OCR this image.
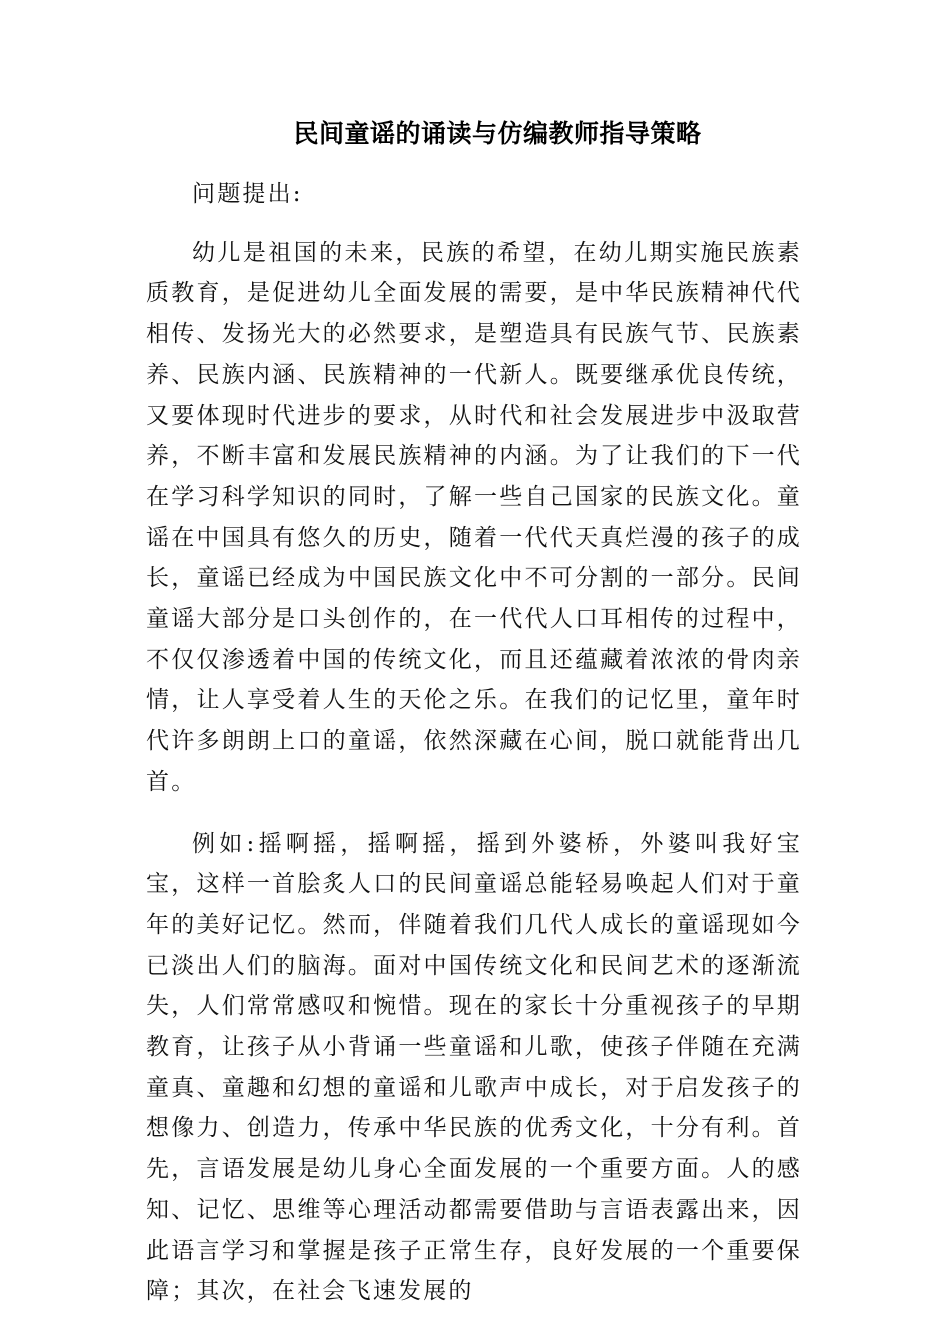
民间童谣的诵读与仿编教师指导策略

问题提出:

幼儿是祖国的未来，民族的希望，在幼儿期实施民族素质教育，是促进幼儿全面发展的需要，是中华民族精神代代相传、发扬光大的必然要求，是塑造具有民族气节、民族素养、民族内涵、民族精神的一代新人。既要继承优良传统，又要体现时代进步的要求，从时代和社会发展进步中汲取营养，不断丰富和发展民族精神的内涵。为了让我们的下一代在学习科学知识的同时，了解一些自己国家的民族文化。童谣在中国具有悠久的历史，随着一代代天真烂漫的孩子的成长，童谣已经成为中国民族文化中不可分割的一部分。民间童谣大部分是口头创作的，在一代代人口耳相传的过程中，不仅仅渗透着中国的传统文化，而且还蕴藏着浓浓的骨肉亲情，让人享受着人生的天伦之乐。在我们的记忆里，童年时代许多朗朗上口的童谣，依然深藏在心间，脱口就能背出几首。

例如:摇啊摇，摇啊摇，摇到外婆桥，外婆叫我好宝宝，这样一首脍炙人口的民间童谣总能轻易唤起人们对于童年的美好记忆。然而，伴随着我们几代人成长的童谣现如今已淡出人们的脑海。面对中国传统文化和民间艺术的逐渐流失，人们常常感叹和惋惜。现在的家长十分重视孩子的早期教育，让孩子从小背诵一些童谣和儿歌，使孩子伴随在充满童真、童趣和幻想的童谣和儿歌声中成长，对于启发孩子的想像力、创造力，传承中华民族的优秀文化，十分有利。首先，言语发展是幼儿身心全面发展的一个重要方面。人的感知、记忆、思维等心理活动都需要借助与言语表露出来，因此语言学习和掌握是孩子正常生存，良好发展的一个重要保障；其次，在社会飞速发展的
